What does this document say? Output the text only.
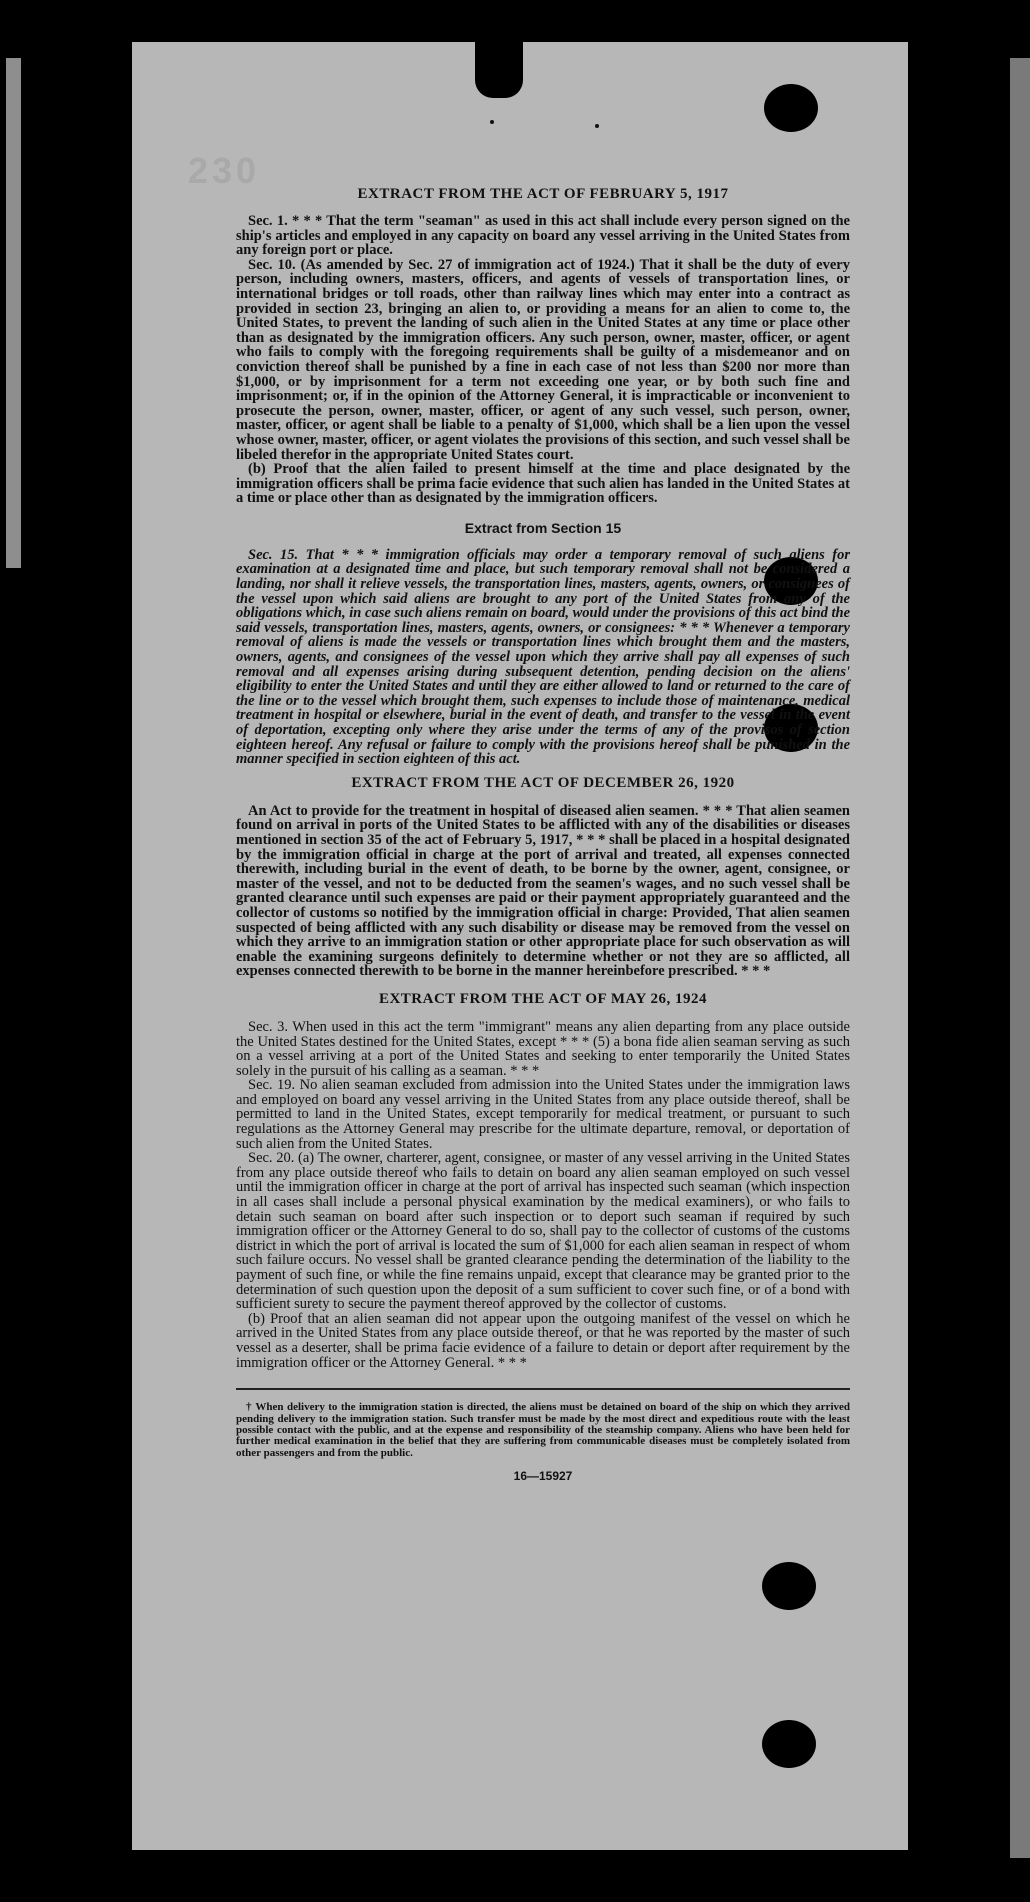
230

EXTRACT FROM THE ACT OF FEBRUARY 5, 1917

Sec. 1. * * * That the term "seaman" as used in this act shall include every person signed on the ship's articles and employed in any capacity on board any vessel arriving in the United States from any foreign port or place.

Sec. 10. (As amended by Sec. 27 of immigration act of 1924.) That it shall be the duty of every person, including owners, masters, officers, and agents of vessels of transportation lines, or international bridges or toll roads, other than railway lines which may enter into a contract as provided in section 23, bringing an alien to, or providing a means for an alien to come to, the United States, to prevent the landing of such alien in the United States at any time or place other than as designated by the immigration officers. Any such person, owner, master, officer, or agent who fails to comply with the foregoing requirements shall be guilty of a misdemeanor and on conviction thereof shall be punished by a fine in each case of not less than $200 nor more than $1,000, or by imprisonment for a term not exceeding one year, or by both such fine and imprisonment; or, if in the opinion of the Attorney General, it is impracticable or inconvenient to prosecute the person, owner, master, officer, or agent of any such vessel, such person, owner, master, officer, or agent shall be liable to a penalty of $1,000, which shall be a lien upon the vessel whose owner, master, officer, or agent violates the provisions of this section, and such vessel shall be libeled therefor in the appropriate United States court.

(b) Proof that the alien failed to present himself at the time and place designated by the immigration officers shall be prima facie evidence that such alien has landed in the United States at a time or place other than as designated by the immigration officers.

Extract from Section 15

Sec. 15. That * * * immigration officials may order a temporary removal of such aliens for examination at a designated time and place, but such temporary removal shall not be considered a landing, nor shall it relieve vessels, the transportation lines, masters, agents, owners, or consignees of the vessel upon which said aliens are brought to any port of the United States from any of the obligations which, in case such aliens remain on board, would under the provisions of this act bind the said vessels, transportation lines, masters, agents, owners, or consignees: * * * Whenever a temporary removal of aliens is made the vessels or transportation lines which brought them and the masters, owners, agents, and consignees of the vessel upon which they arrive shall pay all expenses of such removal and all expenses arising during subsequent detention, pending decision on the aliens' eligibility to enter the United States and until they are either allowed to land or returned to the care of the line or to the vessel which brought them, such expenses to include those of maintenance, medical treatment in hospital or elsewhere, burial in the event of death, and transfer to the vessel in the event of deportation, excepting only where they arise under the terms of any of the provisos of section eighteen hereof. Any refusal or failure to comply with the provisions hereof shall be punished in the manner specified in section eighteen of this act.

EXTRACT FROM THE ACT OF DECEMBER 26, 1920

An Act to provide for the treatment in hospital of diseased alien seamen. * * * That alien seamen found on arrival in ports of the United States to be afflicted with any of the disabilities or diseases mentioned in section 35 of the act of February 5, 1917, * * * shall be placed in a hospital designated by the immigration official in charge at the port of arrival and treated, all expenses connected therewith, including burial in the event of death, to be borne by the owner, agent, consignee, or master of the vessel, and not to be deducted from the seamen's wages, and no such vessel shall be granted clearance until such expenses are paid or their payment appropriately guaranteed and the collector of customs so notified by the immigration official in charge: Provided, That alien seamen suspected of being afflicted with any such disability or disease may be removed from the vessel on which they arrive to an immigration station or other appropriate place for such observation as will enable the examining surgeons definitely to determine whether or not they are so afflicted, all expenses connected therewith to be borne in the manner hereinbefore prescribed. * * *

EXTRACT FROM THE ACT OF MAY 26, 1924

Sec. 3. When used in this act the term "immigrant" means any alien departing from any place outside the United States destined for the United States, except * * * (5) a bona fide alien seaman serving as such on a vessel arriving at a port of the United States and seeking to enter temporarily the United States solely in the pursuit of his calling as a seaman. * * *

Sec. 19. No alien seaman excluded from admission into the United States under the immigration laws and employed on board any vessel arriving in the United States from any place outside thereof, shall be permitted to land in the United States, except temporarily for medical treatment, or pursuant to such regulations as the Attorney General may prescribe for the ultimate departure, removal, or deportation of such alien from the United States.

Sec. 20. (a) The owner, charterer, agent, consignee, or master of any vessel arriving in the United States from any place outside thereof who fails to detain on board any alien seaman employed on such vessel until the immigration officer in charge at the port of arrival has inspected such seaman (which inspection in all cases shall include a personal physical examination by the medical examiners), or who fails to detain such seaman on board after such inspection or to deport such seaman if required by such immigration officer or the Attorney General to do so, shall pay to the collector of customs of the customs district in which the port of arrival is located the sum of $1,000 for each alien seaman in respect of whom such failure occurs. No vessel shall be granted clearance pending the determination of the liability to the payment of such fine, or while the fine remains unpaid, except that clearance may be granted prior to the determination of such question upon the deposit of a sum sufficient to cover such fine, or of a bond with sufficient surety to secure the payment thereof approved by the collector of customs.

(b) Proof that an alien seaman did not appear upon the outgoing manifest of the vessel on which he arrived in the United States from any place outside thereof, or that he was reported by the master of such vessel as a deserter, shall be prima facie evidence of a failure to detain or deport after requirement by the immigration officer or the Attorney General. * * *

† When delivery to the immigration station is directed, the aliens must be detained on board of the ship on which they arrived pending delivery to the immigration station. Such transfer must be made by the most direct and expeditious route with the least possible contact with the public, and at the expense and responsibility of the steamship company. Aliens who have been held for further medical examination in the belief that they are suffering from communicable diseases must be completely isolated from other passengers and from the public.

16—15927
